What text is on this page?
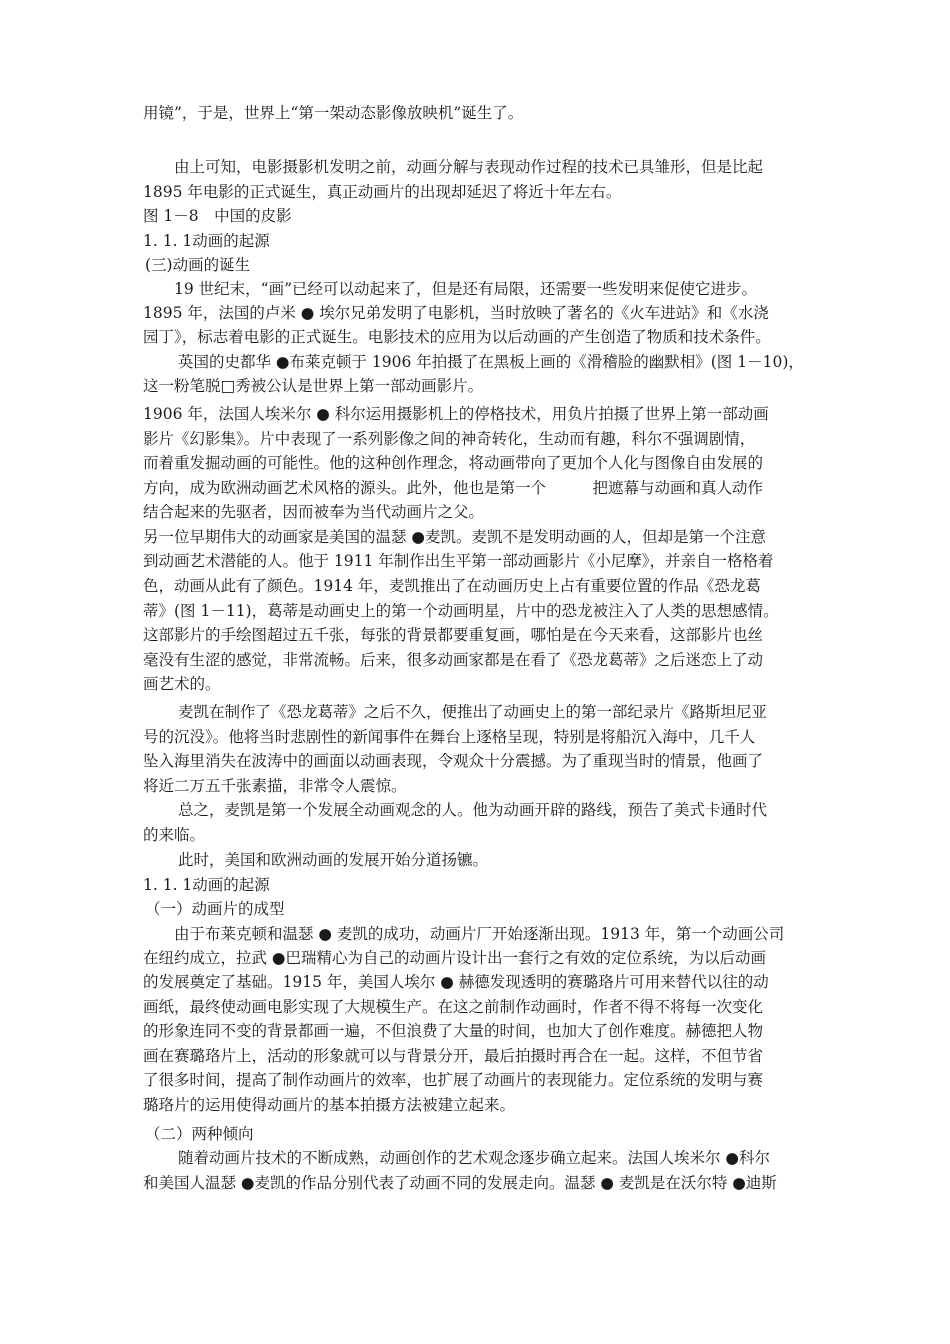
用镜”，于是，世界上“第一架动态影像放映机”诞生了。
由上可知，电影摄影机发明之前，动画分解与表现动作过程的技术已具雏形，但是比起
1895 年电影的正式诞生，真正动画片的出现却延迟了将近十年左右。
图 1－8　中国的皮影
1. 1. 1动画的起源
(三)动画的诞生
19 世纪末，“画”已经可以动起来了，但是还有局限，还需要一些发明来促使它进步。
1895 年，法国的卢米 ● 埃尔兄弟发明了电影机，当时放映了著名的《火车进站》和《水浇
园丁》，标志着电影的正式诞生。电影技术的应用为以后动画的产生创造了物质和技术条件。
英国的史都华 ●布莱克顿于 1906 年拍摄了在黑板上画的《滑稽脸的幽默相》(图 1－10)，
这一粉笔脱□秀被公认是世界上第一部动画影片。
1906 年，法国人埃米尔 ● 科尔运用摄影机上的停格技术，用负片拍摄了世界上第一部动画
影片《幻影集》。片中表现了一系列影像之间的神奇转化，生动而有趣，科尔不强调剧情，
而着重发掘动画的可能性。他的这种创作理念，将动画带向了更加个人化与图像自由发展的
方向，成为欧洲动画艺术风格的源头。此外，他也是第一个　　　把遮幕与动画和真人动作
结合起来的先驱者，因而被奉为当代动画片之父。
另一位早期伟大的动画家是美国的温瑟 ●麦凯。麦凯不是发明动画的人，但却是第一个注意
到动画艺术潜能的人。他于 1911 年制作出生平第一部动画影片《小尼摩》，并亲自一格格着
色，动画从此有了颜色。1914 年，麦凯推出了在动画历史上占有重要位置的作品《恐龙葛
蒂》(图 1－11)，葛蒂是动画史上的第一个动画明星，片中的恐龙被注入了人类的思想感情。
这部影片的手绘图超过五千张，每张的背景都要重复画，哪怕是在今天来看，这部影片也丝
毫没有生涩的感觉，非常流畅。后来，很多动画家都是在看了《恐龙葛蒂》之后迷恋上了动
画艺术的。
麦凯在制作了《恐龙葛蒂》之后不久，便推出了动画史上的第一部纪录片《路斯坦尼亚
号的沉没》。他将当时悲剧性的新闻事件在舞台上逐格呈现，特别是将船沉入海中，几千人
坠入海里消失在波涛中的画面以动画表现，令观众十分震撼。为了重现当时的情景，他画了
将近二万五千张素描，非常令人震惊。
总之，麦凯是第一个发展全动画观念的人。他为动画开辟的路线，预告了美式卡通时代
的来临。
此时，美国和欧洲动画的发展开始分道扬镳。
1. 1. 1动画的起源
（一）动画片的成型
由于布莱克顿和温瑟 ● 麦凯的成功，动画片厂开始逐渐出现。1913 年，第一个动画公司
在纽约成立，拉武 ●巴瑞精心为自己的动画片设计出一套行之有效的定位系统，为以后动画
的发展奠定了基础。1915 年，美国人埃尔 ● 赫德发现透明的赛璐珞片可用来替代以往的动
画纸，最终使动画电影实现了大规模生产。在这之前制作动画时，作者不得不将每一次变化
的形象连同不变的背景都画一遍，不但浪费了大量的时间，也加大了创作难度。赫德把人物
画在赛璐珞片上，活动的形象就可以与背景分开，最后拍摄时再合在一起。这样，不但节省
了很多时间，提高了制作动画片的效率，也扩展了动画片的表现能力。定位系统的发明与赛
璐珞片的运用使得动画片的基本拍摄方法被建立起来。
（二）两种倾向
随着动画片技术的不断成熟，动画创作的艺术观念逐步确立起来。法国人埃米尔 ●科尔
和美国人温瑟 ●麦凯的作品分别代表了动画不同的发展走向。温瑟 ● 麦凯是在沃尔特 ●迪斯
